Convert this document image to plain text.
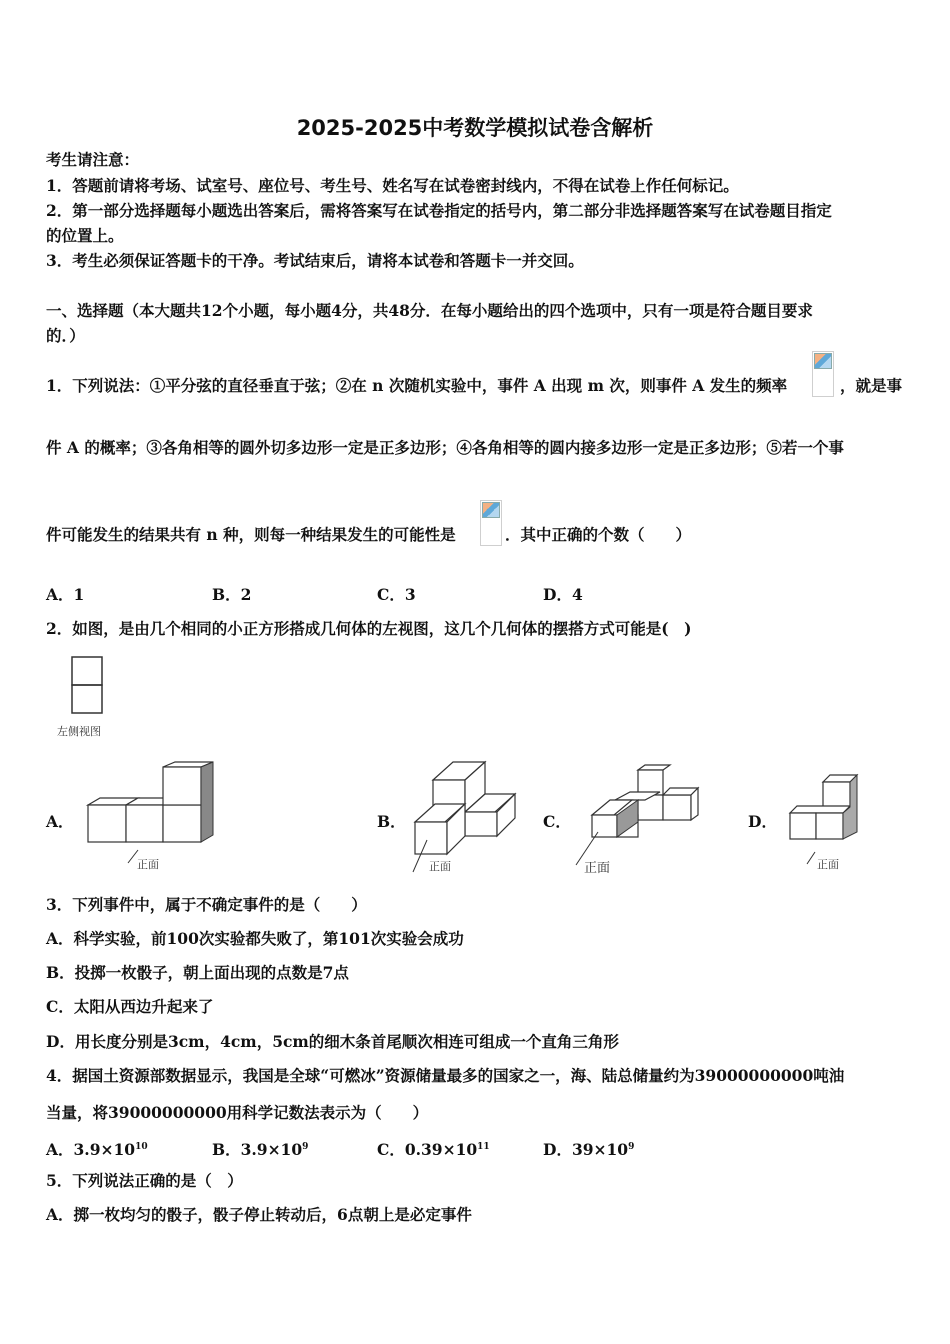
2025-2025中考数学模拟试卷含解析
考生请注意：
1．答题前请将考场、试室号、座位号、考生号、姓名写在试卷密封线内，不得在试卷上作任何标记。
2．第一部分选择题每小题选出答案后，需将答案写在试卷指定的括号内，第二部分非选择题答案写在试卷题目指定
的位置上。
3．考生必须保证答题卡的干净。考试结束后，请将本试卷和答题卡一并交回。
一、选择题（本大题共12个小题，每小题4分，共48分．在每小题给出的四个选项中，只有一项是符合题目要求
的．）
1．下列说法：①平分弦的直径垂直于弦；②在 n 次随机实验中，事件 A 出现 m 次，则事件 A 发生的频率	，就是事
件 A 的概率；③各角相等的圆外切多边形一定是正多边形；④各角相等的圆内接多边形一定是正多边形；⑤若一个事
件可能发生的结果共有 n 种，则每一种结果发生的可能性是	．其中正确的个数（　　）
A．1	B．2	C．3	D．4
2．如图，是由几个相同的小正方形搭成几何体的左视图，这几个几何体的摆搭方式可能是(　)
左侧视图
A．
正面
B．
正面
C．
正面
D．
正面
3．下列事件中，属于不确定事件的是（　　）
A．科学实验，前100次实验都失败了，第101次实验会成功
B．投掷一枚骰子，朝上面出现的点数是7点
C．太阳从西边升起来了
D．用长度分别是3cm，4cm，5cm的细木条首尾顺次相连可组成一个直角三角形
4．据国土资源部数据显示，我国是全球“可燃冰”资源储量最多的国家之一，海、陆总储量约为39000000000吨油
当量，将39000000000用科学记数法表示为（　　）
A．$3.9\times 10^{10}$	B．$3.9\times 10^9$	C．$0.39\times 10^{11}$	D．$39\times 10^9$
5．下列说法正确的是（　）
A．掷一枚均匀的骰子，骰子停止转动后，6点朝上是必定事件
